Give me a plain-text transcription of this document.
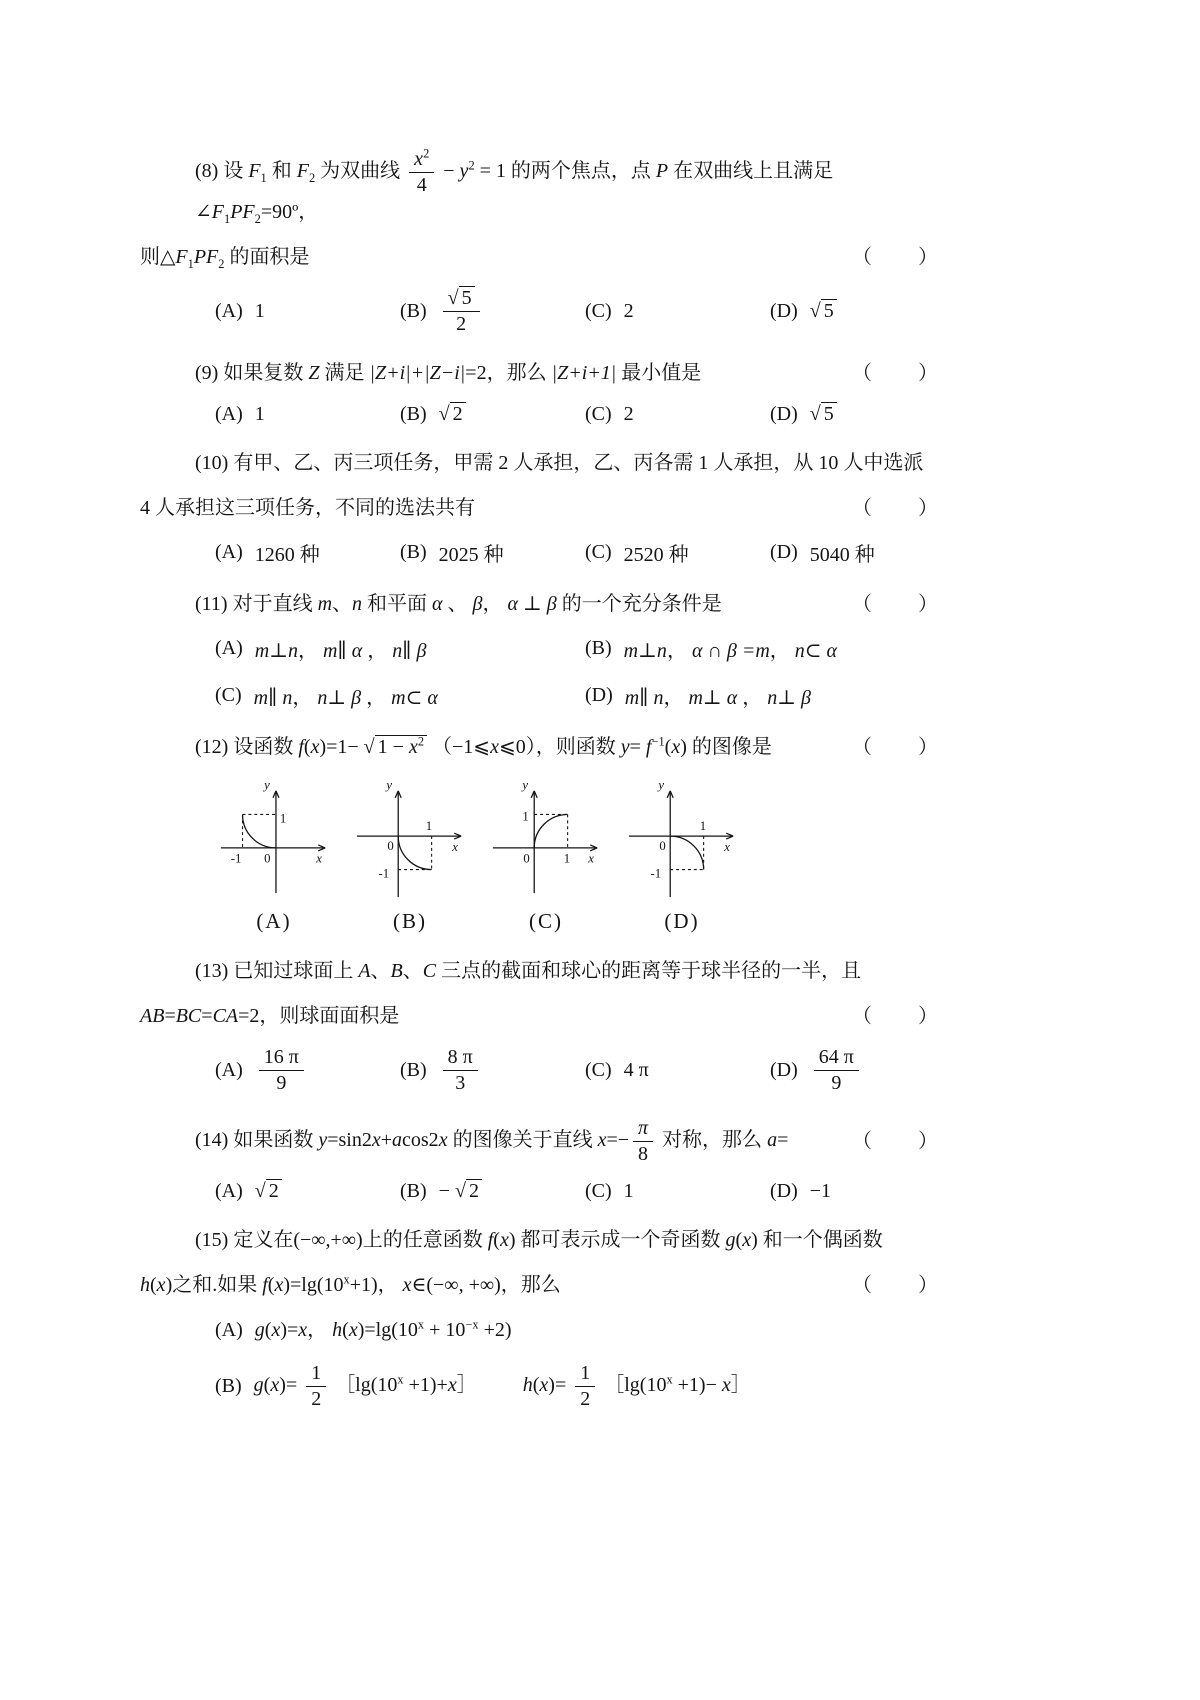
(8) 设 $F_1$ 和 $F_2$ 为双曲线 $\frac{x^2}{4} - y^2 = 1$ 的两个焦点，点 P 在双曲线上且满足$\angle F_1PF_2=90º$，
则$\triangle F_1PF_2$ 的面积是	（　　）
(A) 1	$(B) \frac{√ 5}{2}$	(C) 2	(D) √ 5
(9) 如果复数 Z 满足 |Z+i|+|Z−i|=2，那么 |Z+i+1| 最小值是	（　　）
(A) 1	(B) √ 2	(C) 2	(D) √ 5
(10) 有甲、乙、丙三项任务，甲需 2 人承担，乙、丙各需 1 人承担，从 10 人中选派
4 人承担这三项任务，不同的选法共有	（　　）
(A) 1260 种	(B) 2025 种	(C) 2520 种	(D) 5040 种
(11) 对于直线 m、n 和平面 α 、 β， α ⊥ β 的一个充分条件是	（　　）
(A) m⊥n， m∥ α ， n∥ β	(B) m⊥n， α ∩ β =m， n⊂ α
(C) m∥ n， n⊥ β ， m⊂ α	(D) m∥ n， m⊥ α ， n⊥ β
(12) 设函数 f(x)=1− √ $1 - x^2$ （−1⩽x⩽0），则函数 $y= f^{-1}(x)$ 的图像是	（　　）
1
-1 0	x
y
(A)
1
-1
0	x
y
(B)
1
1
0	x
y
(C)
1
-1
0	x
y
(D)
(13) 已知过球面上 A、B、C 三点的截面和球心的距离等于球半径的一半，且
AB=BC=CA=2，则球面面积是	（　　）
$(A) \frac{16 \pi}{9}$	$(B) \frac{8 \pi}{3}$	(C) 4 π	$(D) \frac{64 \pi}{9}$
(14) 如果函数 y=sin2x+acos2x 的图像关于直线 $x=- \frac{\pi}{8}$ 对称，那么 a=	（　　）
(A) √ 2	(B) − √ 2	(C) 1	(D) −1
(15) 定义在(−∞,+∞)上的任意函数 f(x) 都可表示成一个奇函数 g(x) 和一个偶函数
h(x)之和.如果 $f(x)=\lg(10^x+1)$， x∈(−∞, +∞)，那么	（　　）
(A) g(x)=x， $h(x)=\lg(10^x + 10^{-x} +2)$
(B) $g(x)= \frac{1}{2}$ $[\lg(10^x$ +1)+x］ $h(x)= \frac{1}{2}$ $[\lg(10^x +1)-$ x］
